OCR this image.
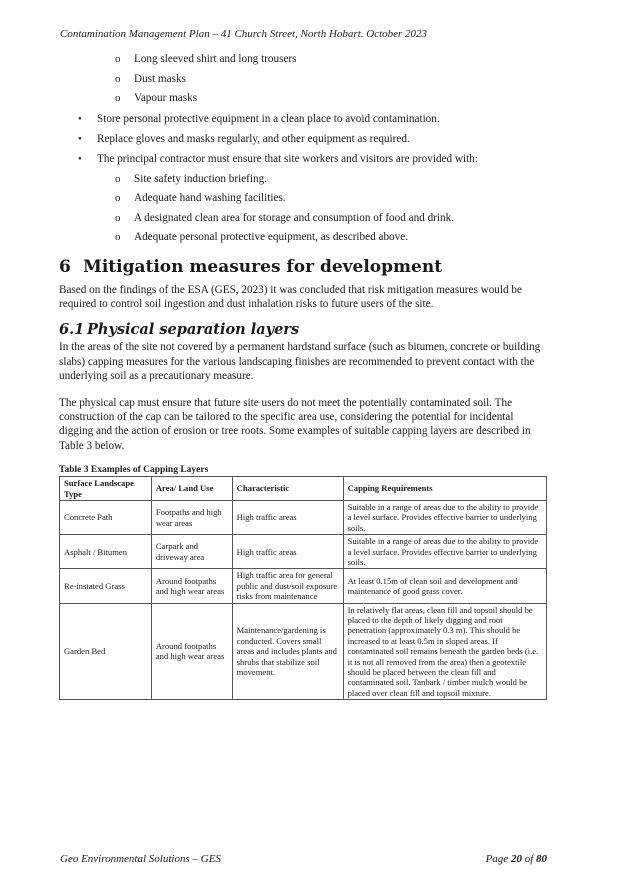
Contamination Management Plan – 41 Church Street, North Hobart. October 2023
o Long sleeved shirt and long trousers
o Dust masks
o Vapour masks
• Store personal protective equipment in a clean place to avoid contamination.
• Replace gloves and masks regularly, and other equipment as required.
• The principal contractor must ensure that site workers and visitors are provided with:
o Site safety induction briefing.
o Adequate hand washing facilities.
o A designated clean area for storage and consumption of food and drink.
o Adequate personal protective equipment, as described above.
6 Mitigation measures for development

Based on the findings of the ESA (GES, 2023) it was concluded that risk mitigation measures would be

required to control soil ingestion and dust inhalation risks to future users of the site.

6.1 Physical separation layers

In the areas of the site not covered by a permanent hardstand surface (such as bitumen, concrete or building

slabs) capping measures for the various landscaping finishes are recommended to prevent contact with the

underlying soil as a precautionary measure.

The physical cap must ensure that future site users do not meet the potentially contaminated soil. The

construction of the cap can be tailored to the specific area use, considering the potential for incidental

digging and the action of erosion or tree roots. Some examples of suitable capping layers are described in

Table 3 below.

Table 3 Examples of Capping Layers

Surface Landscape Type	Area/ Land Use	Characteristic	Capping Requirements
Concrete Path	Footpaths and high wear areas	High traffic areas	Suitable in a range of areas due to the ability to provide a level surface. Provides effective barrier to underlying soils.
Asphalt / Bitumen	Carpark and driveway area	High traffic areas	Suitable in a range of areas due to the ability to provide a level surface. Provides effective barrier to underlying soils.
Re-instated Grass	Around footpaths and high wear areas	High traffic area for general public and dust/soil exposure risks from maintenance	At least 0.15m of clean soil and development and maintenance of good grass cover.
Garden Bed	Around footpaths and high wear areas	Maintenance/gardening is conducted. Covers small areas and includes plants and shrubs that stabilize soil movement.	In relatively flat areas, clean fill and topsoil should be placed to the depth of likely digging and root penetration (approximately 0.3 m). This should be increased to at least 0.5m in sloped areas. If contaminated soil remains beneath the garden beds (i.e. it is not all removed from the area) then a geotextile should be placed between the clean fill and contaminated soil. Tanbark / timber mulch would be placed over clean fill and topsoil mixture.
Geo Environmental Solutions – GES	Page 20 of 80
